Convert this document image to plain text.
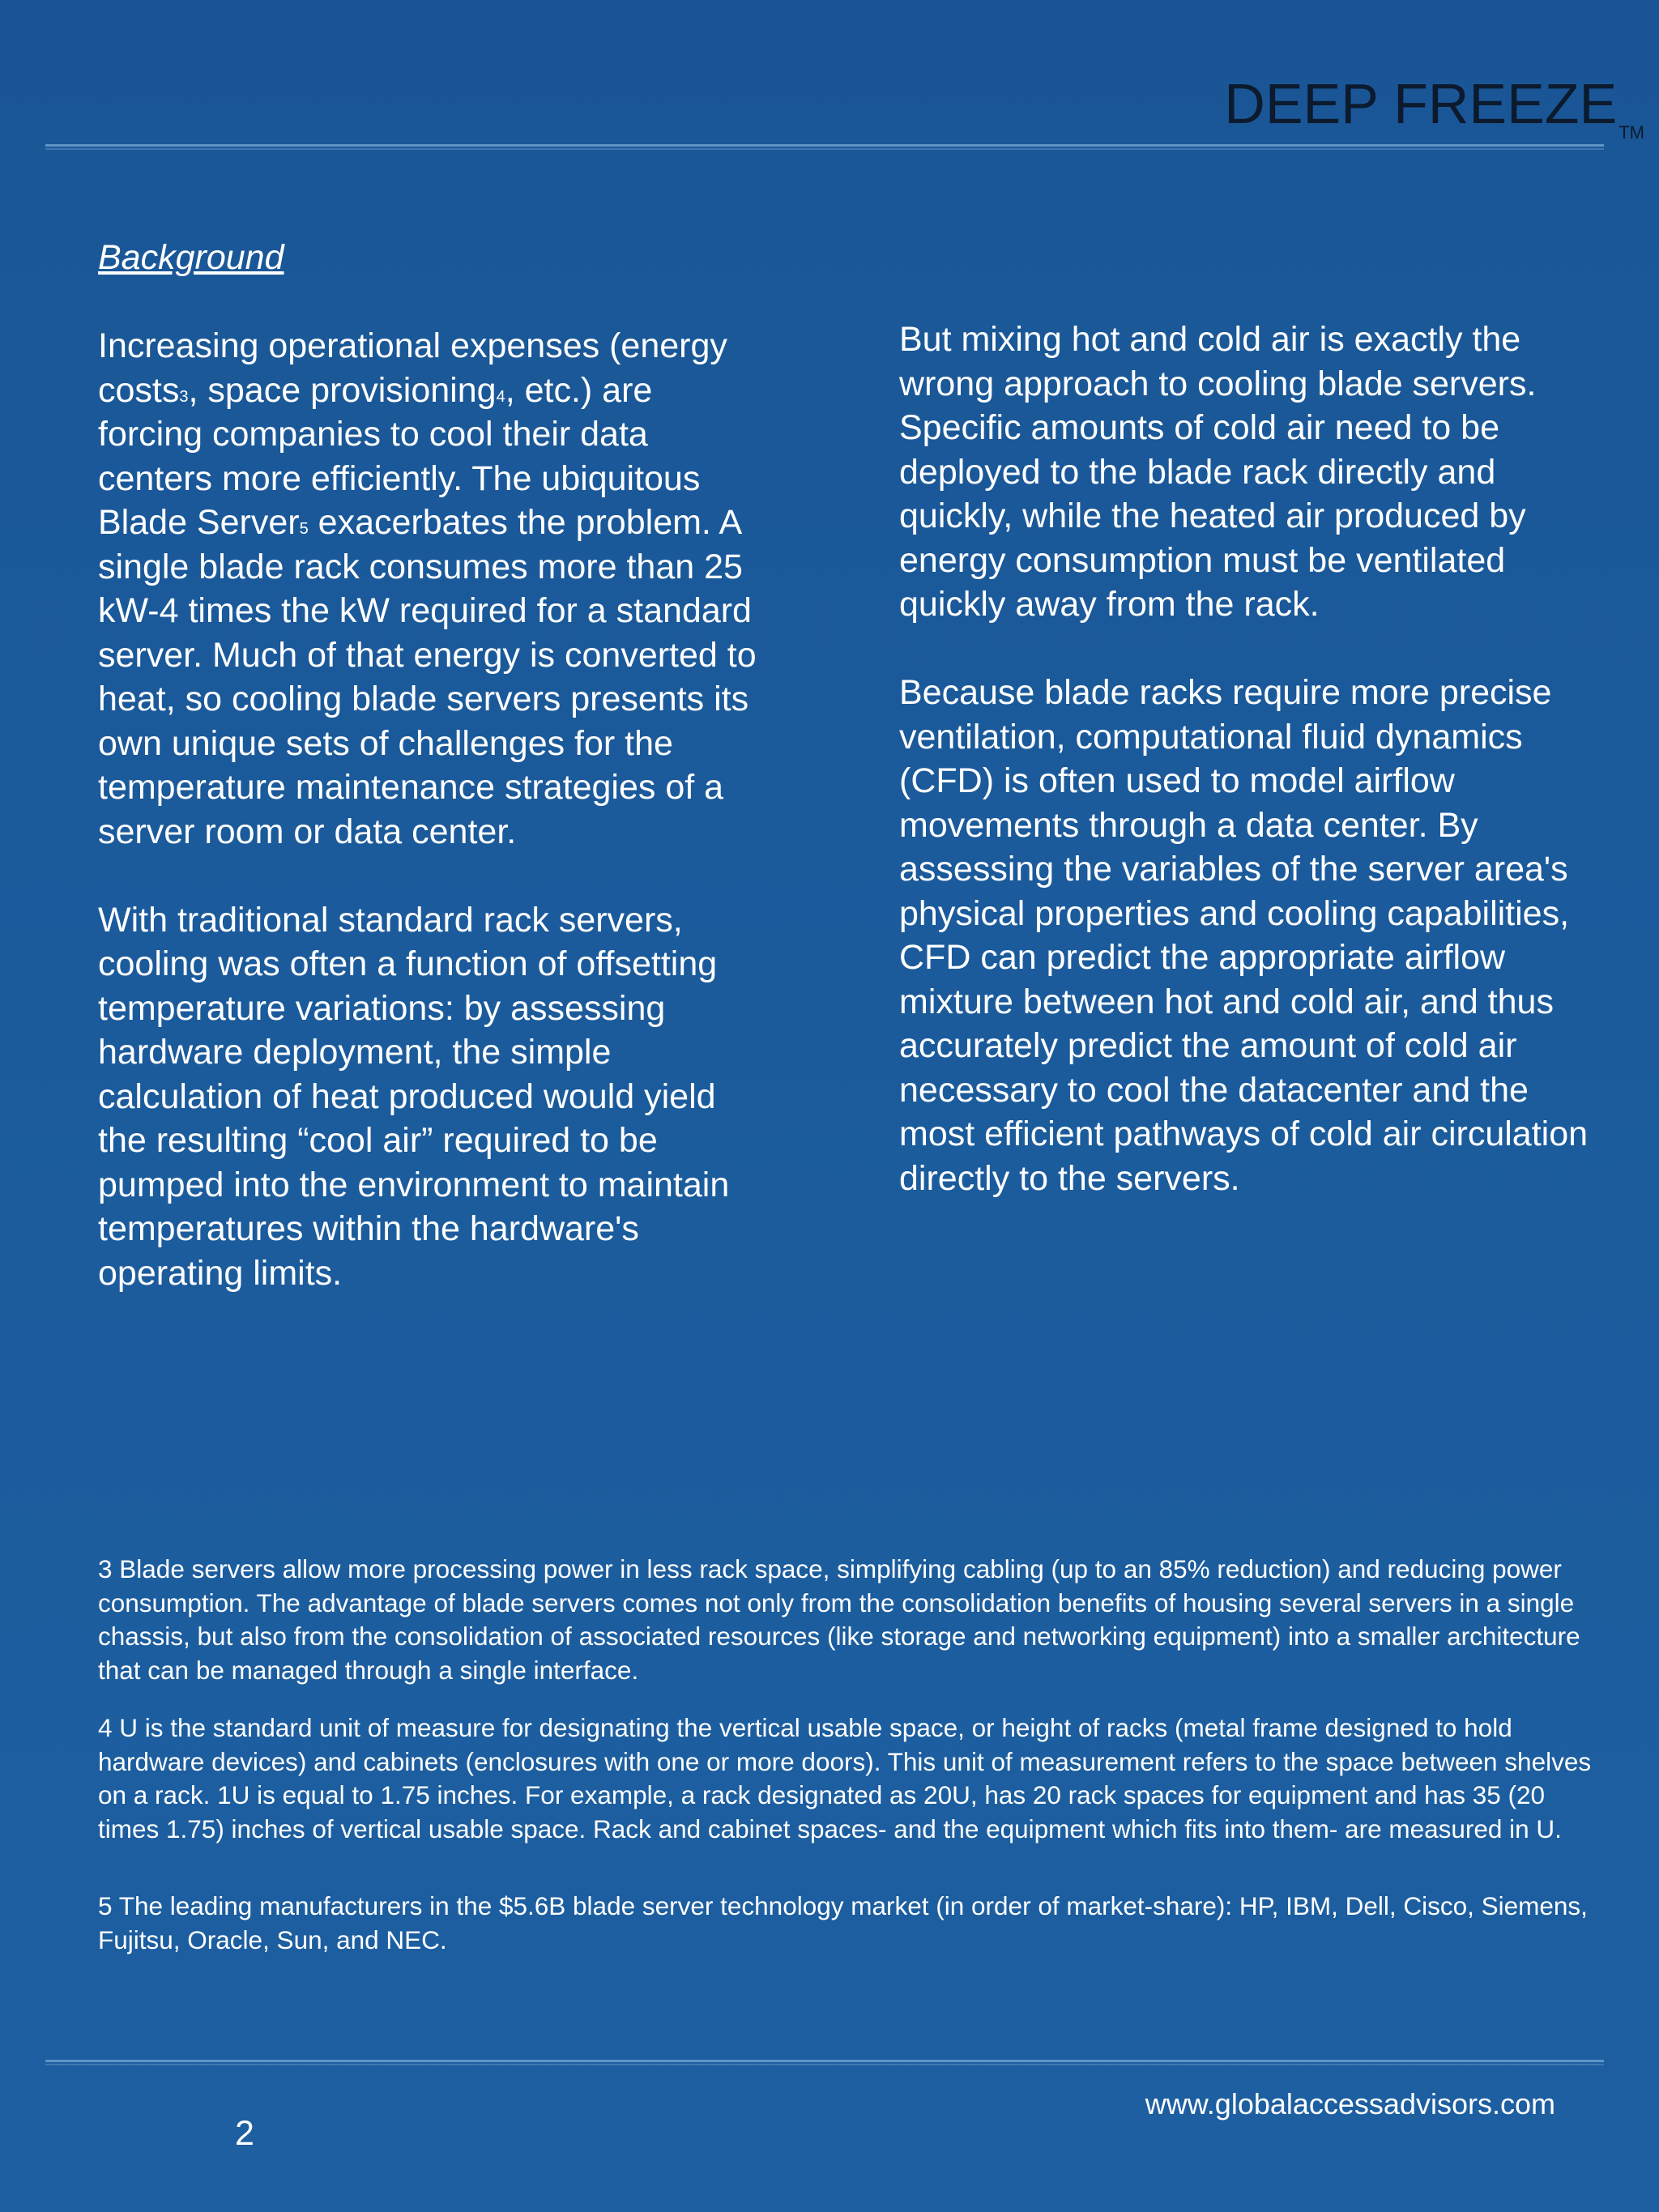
DEEP FREEZE™
Background

Increasing operational expenses (energy costs3, space provisioning4, etc.) are forcing companies to cool their data centers more efficiently. The ubiquitous Blade Server5 exacerbates the problem. A single blade rack consumes more than 25 kW-4 times the kW required for a standard server. Much of that energy is converted to heat, so cooling blade servers presents its own unique sets of challenges for the temperature maintenance strategies of a server room or data center.

With traditional standard rack servers, cooling was often a function of offsetting temperature variations: by assessing hardware deployment, the simple calculation of heat produced would yield the resulting “cool air” required to be pumped into the environment to maintain temperatures within the hardware's operating limits.

But mixing hot and cold air is exactly the wrong approach to cooling blade servers. Specific amounts of cold air need to be deployed to the blade rack directly and quickly, while the heated air produced by energy consumption must be ventilated quickly away from the rack.

Because blade racks require more precise ventilation, computational fluid dynamics (CFD) is often used to model airflow movements through a data center. By assessing the variables of the server area's physical properties and cooling capabilities, CFD can predict the appropriate airflow mixture between hot and cold air, and thus accurately predict the amount of cold air necessary to cool the datacenter and the most efficient pathways of cold air circulation directly to the servers.

3 Blade servers allow more processing power in less rack space, simplifying cabling (up to an 85% reduction) and reducing power consumption. The advantage of blade servers comes not only from the consolidation benefits of housing several servers in a single chassis, but also from the consolidation of associated resources (like storage and networking equipment) into a smaller architecture that can be managed through a single interface.

4 U is the standard unit of measure for designating the vertical usable space, or height of racks (metal frame designed to hold hardware devices) and cabinets (enclosures with one or more doors). This unit of measurement refers to the space between shelves on a rack. 1U is equal to 1.75 inches. For example, a rack designated as 20U, has 20 rack spaces for equipment and has 35 (20 times 1.75) inches of vertical usable space. Rack and cabinet spaces- and the equipment which fits into them- are measured in U.

5 The leading manufacturers in the $5.6B blade server technology market (in order of market-share): HP, IBM, Dell, Cisco, Siemens, Fujitsu, Oracle, Sun, and NEC.

www.globalaccessadvisors.com
2
